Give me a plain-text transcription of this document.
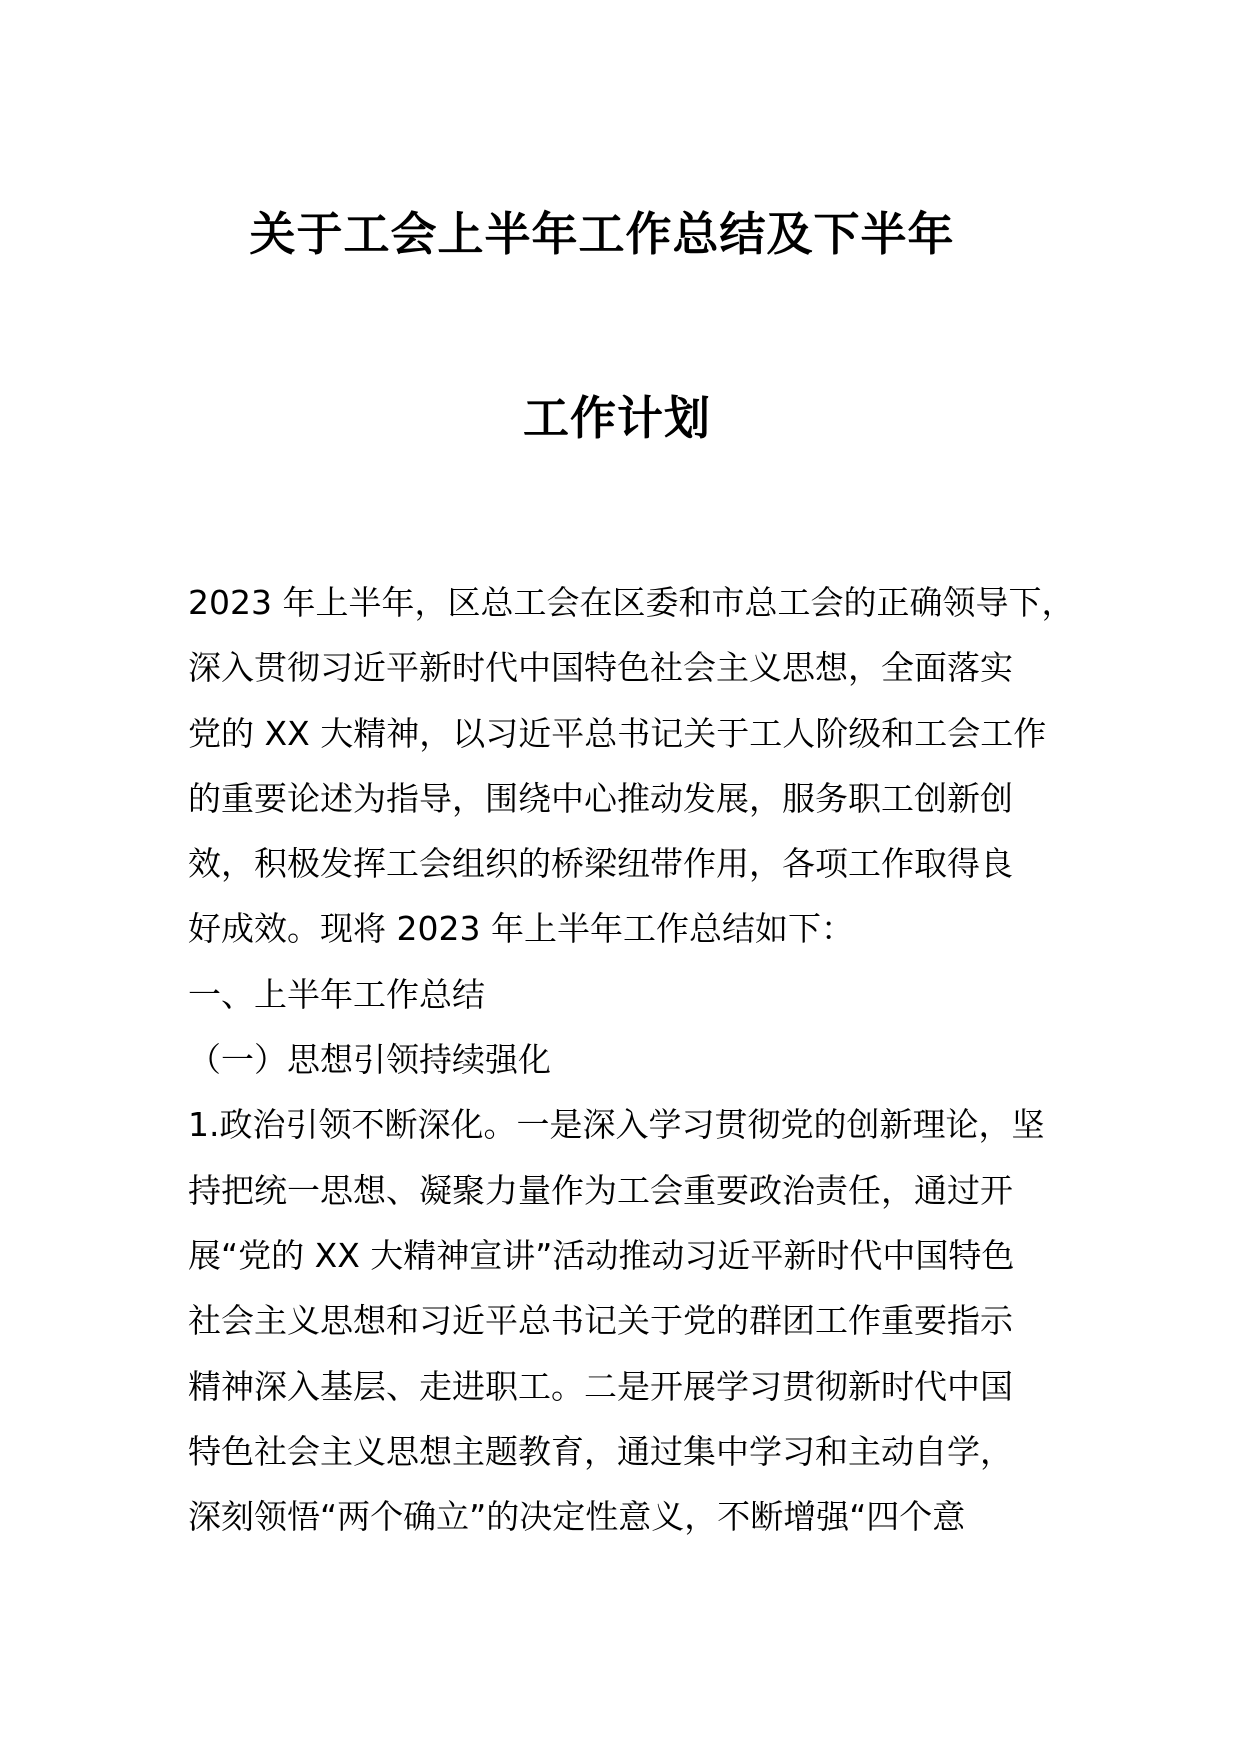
关于工会上半年工作总结及下半年
工作计划
2023 年上半年，区总工会在区委和市总工会的正确领导下，
深入贯彻习近平新时代中国特色社会主义思想，全面落实
党的 XX 大精神，以习近平总书记关于工人阶级和工会工作
的重要论述为指导，围绕中心推动发展，服务职工创新创
效，积极发挥工会组织的桥梁纽带作用，各项工作取得良
好成效。现将 2023 年上半年工作总结如下：
一、上半年工作总结
（一）思想引领持续强化
1.政治引领不断深化。一是深入学习贯彻党的创新理论，坚
持把统一思想、凝聚力量作为工会重要政治责任，通过开
展“党的 XX 大精神宣讲”活动推动习近平新时代中国特色
社会主义思想和习近平总书记关于党的群团工作重要指示
精神深入基层、走进职工。二是开展学习贯彻新时代中国
特色社会主义思想主题教育，通过集中学习和主动自学，
深刻领悟“两个确立”的决定性意义，不断增强“四个意
